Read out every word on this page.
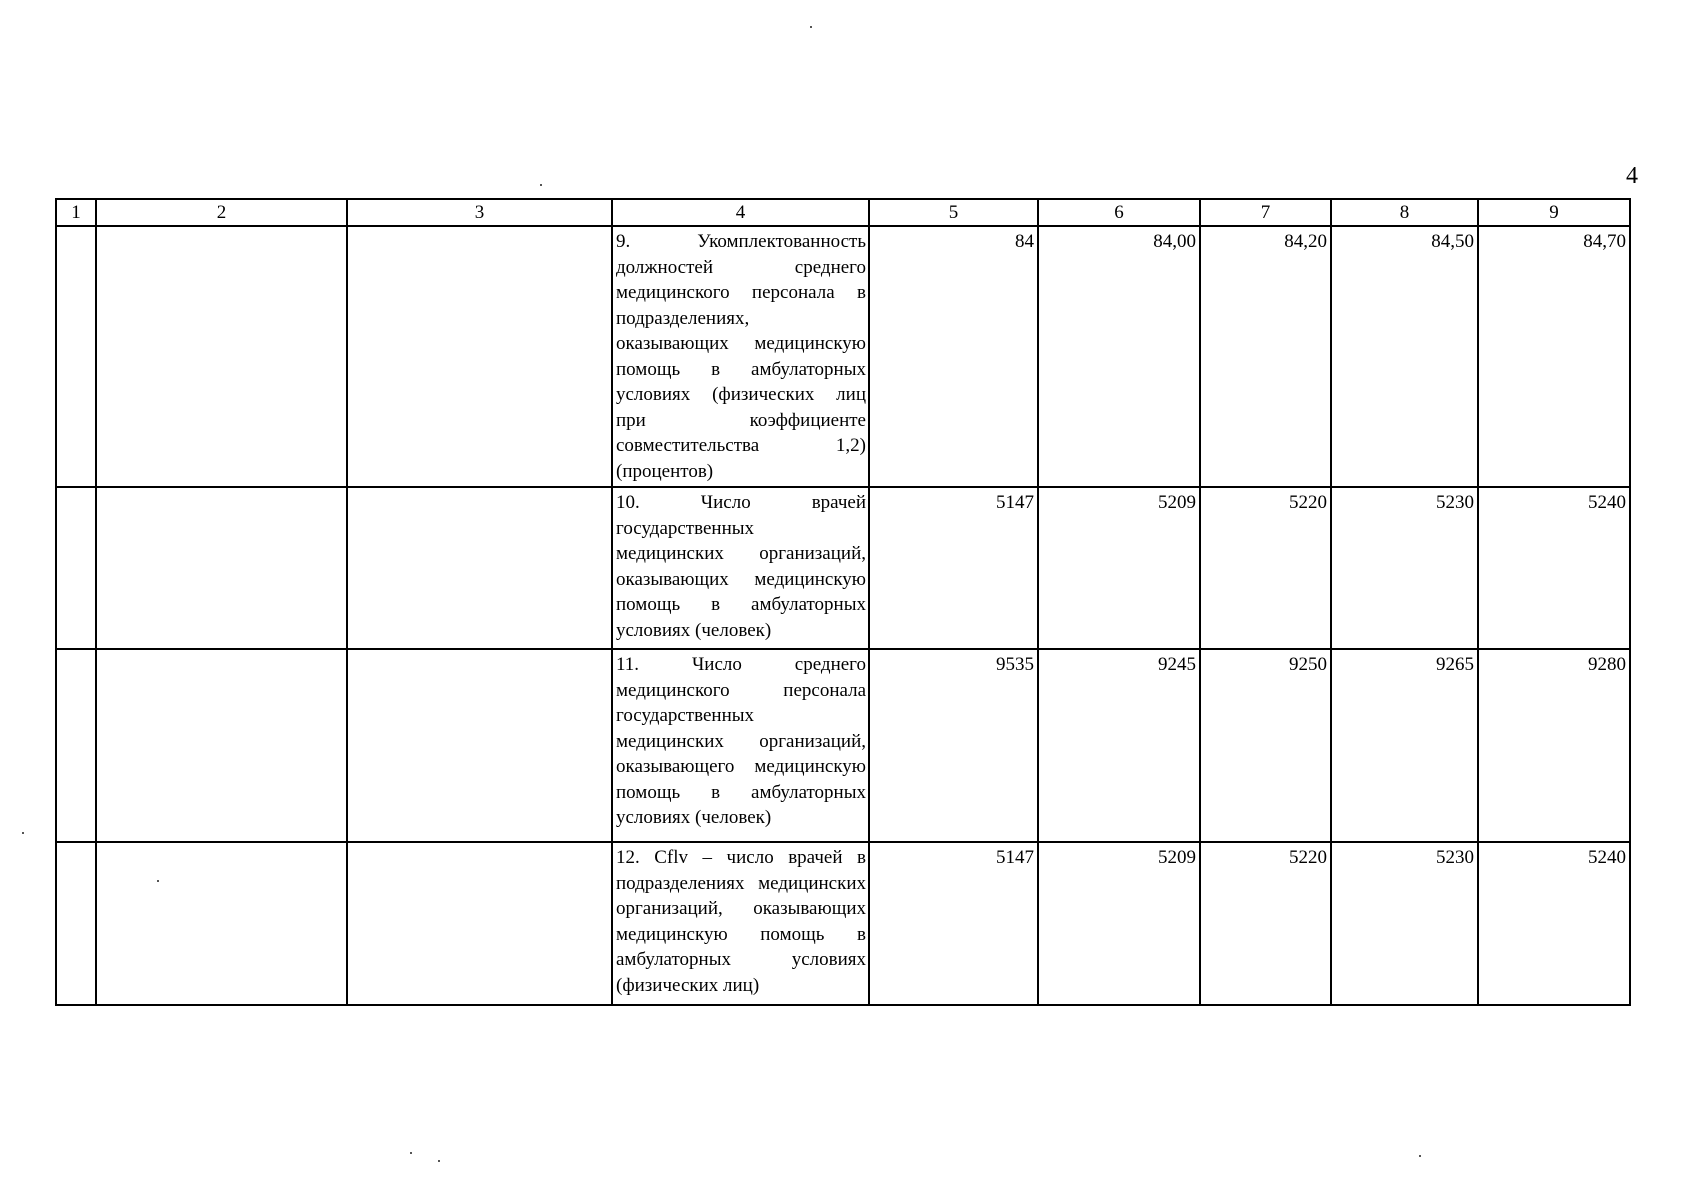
4
1	2	3	4	5	6	7	8	9
			9. Укомплектованность должностей среднего медицинского персонала в подразделениях, оказывающих медицинскую помощь в амбулаторных условиях (физических лиц при коэффициенте совместительства 1,2) (процентов)	84	84,00	84,20	84,50	84,70
			10. Число врачей государственных медицинских организаций, оказывающих медицинскую помощь в амбулаторных условиях (человек)	5147	5209	5220	5230	5240
			11. Число среднего медицинского персонала государственных медицинских организаций, оказывающего медицинскую помощь в амбулаторных условиях (человек)	9535	9245	9250	9265	9280
			12. Cflv – число врачей в подразделениях медицинских организаций, оказывающих медицинскую помощь в амбулаторных условиях (физических лиц)	5147	5209	5220	5230	5240
